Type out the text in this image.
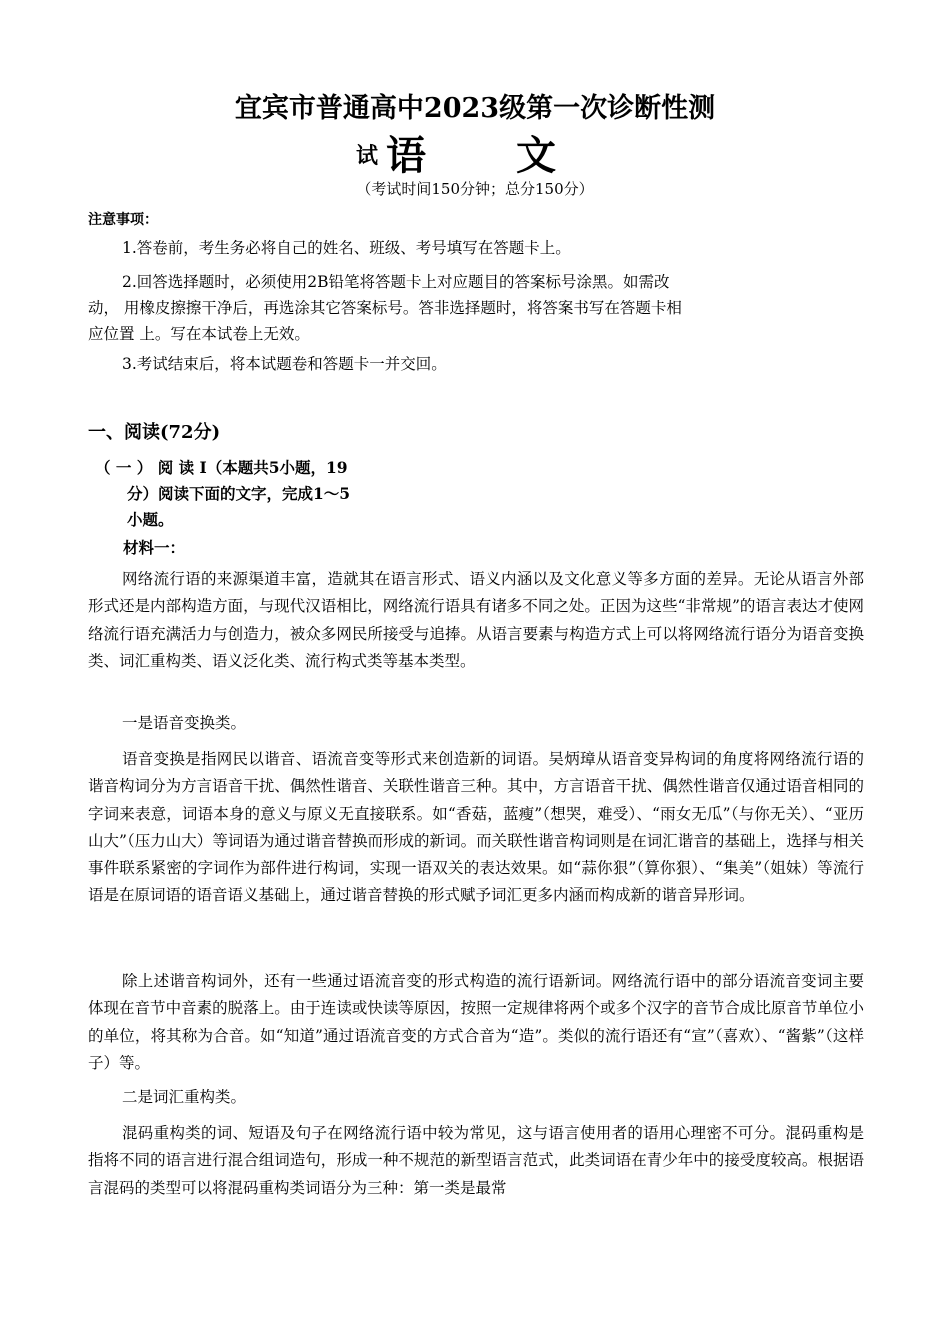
宜宾市普通高中2023级第一次诊断性测
试 语 文
（考试时间150分钟；总分150分）
注意事项：
1.答卷前，考生务必将自己的姓名、班级、考号填写在答题卡上。
2.回答选择题时，必须使用2B铅笔将答题卡上对应题目的答案标号涂黑。如需改
动， 用橡皮擦擦干净后，再选涂其它答案标号。答非选择题时，将答案书写在答题卡相
应位置 上。写在本试卷上无效。
3.考试结束后，将本试题卷和答题卡一并交回。
一、阅读(72分)
（ 一 ） 阅 读 I（本题共5小题，19
分）阅读下面的文字，完成1～5
小题。
材料一：
网络流行语的来源渠道丰富，造就其在语言形式、语义内涵以及文化意义等多方面的差异。无论从语言外部形式还是内部构造方面，与现代汉语相比，网络流行语具有诸多不同之处。正因为这些“非常规”的语言表达才使网络流行语充满活力与创造力，被众多网民所接受与追捧。从语言要素与构造方式上可以将网络流行语分为语音变换类、词汇重构类、语义泛化类、流行构式类等基本类型。
一是语音变换类。
语音变换是指网民以谐音、语流音变等形式来创造新的词语。吴炳璋从语音变异构词的角度将网络流行语的谐音构词分为方言语音干扰、偶然性谐音、关联性谐音三种。其中，方言语音干扰、偶然性谐音仅通过语音相同的字词来表意，词语本身的意义与原义无直接联系。如“香菇，蓝瘦”（想哭，难受）、“雨女无瓜”（与你无关）、“亚历山大”（压力山大）等词语为通过谐音替换而形成的新词。而关联性谐音构词则是在词汇谐音的基础上，选择与相关事件联系紧密的字词作为部件进行构词，实现一语双关的表达效果。如“蒜你狠”（算你狠）、“集美”（姐妹）等流行语是在原词语的语音语义基础上，通过谐音替换的形式赋予词汇更多内涵而构成新的谐音异形词。
除上述谐音构词外，还有一些通过语流音变的形式构造的流行语新词。网络流行语中的部分语流音变词主要体现在音节中音素的脱落上。由于连读或快读等原因，按照一定规律将两个或多个汉字的音节合成比原音节单位小的单位，将其称为合音。如“知道”通过语流音变的方式合音为“造”。类似的流行语还有“宣”（喜欢）、“酱紫”（这样子）等。
二是词汇重构类。
混码重构类的词、短语及句子在网络流行语中较为常见，这与语言使用者的语用心理密不可分。混码重构是指将不同的语言进行混合组词造句，形成一种不规范的新型语言范式，此类词语在青少年中的接受度较高。根据语言混码的类型可以将混码重构类词语分为三种：第一类是最常
